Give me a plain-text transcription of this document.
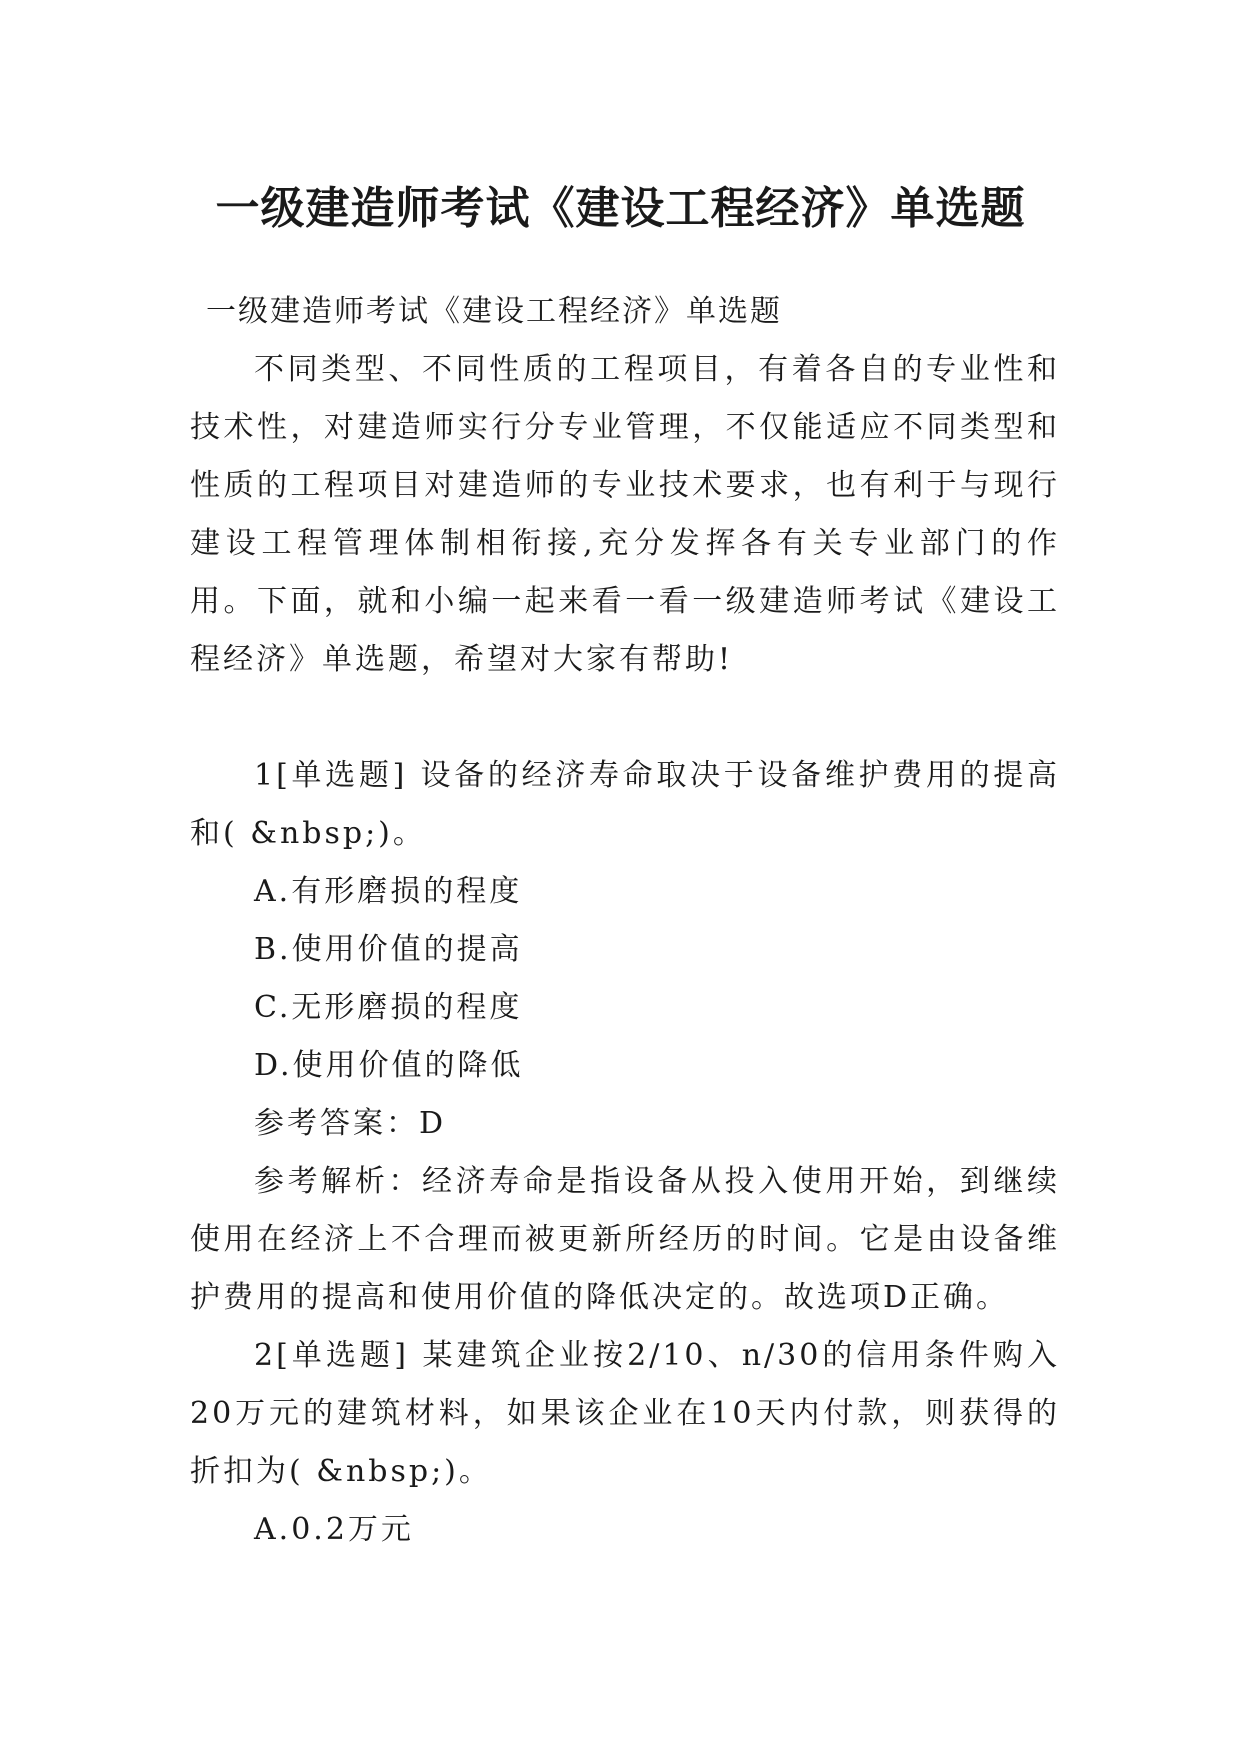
一级建造师考试《建设工程经济》单选题

一级建造师考试《建设工程经济》单选题

不同类型、不同性质的工程项目，有着各自的专业性和技术性，对建造师实行分专业管理，不仅能适应不同类型和性质的工程项目对建造师的专业技术要求，也有利于与现行建设工程管理体制相衔接,充分发挥各有关专业部门的作用。下面，就和小编一起来看一看一级建造师考试《建设工程经济》单选题，希望对大家有帮助!

1[单选题] 设备的经济寿命取决于设备维护费用的提高和( &nbsp;)。

A.有形磨损的程度

B.使用价值的提高

C.无形磨损的程度

D.使用价值的降低

参考答案：D

参考解析：经济寿命是指设备从投入使用开始，到继续使用在经济上不合理而被更新所经历的时间。它是由设备维护费用的提高和使用价值的降低决定的。故选项D正确。

2[单选题] 某建筑企业按2/10、n/30的信用条件购入20万元的建筑材料，如果该企业在10天内付款，则获得的折扣为( &nbsp;)。

A.0.2万元
